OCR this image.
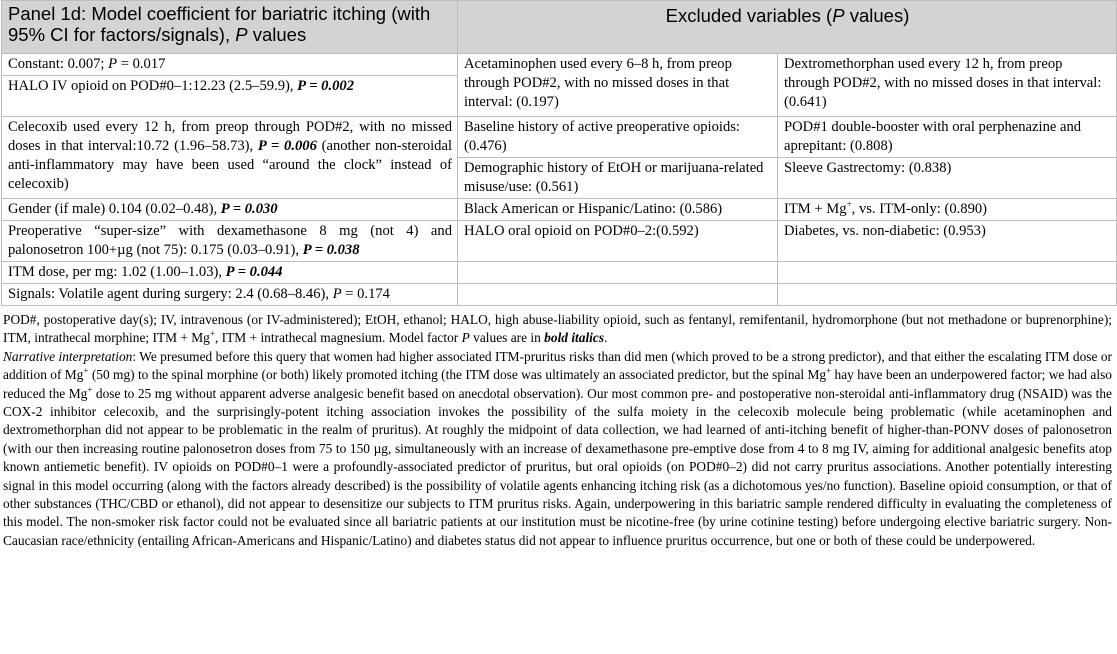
Panel 1d: Model coefficient for bariatric itching (with 95% CI for factors/signals), P values	Excluded variables (P values)	
Constant: 0.007; P = 0.017	Acetaminophen used every 6–8 h, from preop through POD#2, with no missed doses in that interval: (0.197)	Dextromethorphan used every 12 h, from preop through POD#2, with no missed doses in that interval: (0.641)
HALO IV opioid on POD#0–1:12.23 (2.5–59.9), P = 0.002		
Celecoxib used every 12 h, from preop through POD#2, with no missed doses in that interval:10.72 (1.96–58.73), P = 0.006 (another non-steroidal anti-inflammatory may have been used “around the clock” instead of celecoxib)	Baseline history of active preoperative opioids: (0.476)	POD#1 double-booster with oral perphenazine and aprepitant: (0.808)
	Demographic history of EtOH or marijuana-related misuse/use: (0.561)	Sleeve Gastrectomy: (0.838)
Gender (if male) 0.104 (0.02–0.48), P = 0.030	Black American or Hispanic/Latino: (0.586)	ITM + Mg+, vs. ITM-only: (0.890)
Preoperative “super-size” with dexamethasone 8 mg (not 4) and palonosetron 100+µg (not 75): 0.175 (0.03–0.91), P = 0.038	HALO oral opioid on POD#0–2:(0.592)	Diabetes, vs. non-diabetic: (0.953)
ITM dose, per mg: 1.02 (1.00–1.03), P = 0.044		
Signals: Volatile agent during surgery: 2.4 (0.68–8.46), P = 0.174		

POD#, postoperative day(s); IV, intravenous (or IV-administered); EtOH, ethanol; HALO, high abuse-liability opioid, such as fentanyl, remifentanil, hydromorphone (but not methadone or buprenorphine); ITM, intrathecal morphine; ITM + Mg+, ITM + intrathecal magnesium. Model factor P values are in bold italics.

Narrative interpretation: We presumed before this query that women had higher associated ITM-pruritus risks than did men (which proved to be a strong predictor), and that either the escalating ITM dose or addition of Mg+ (50 mg) to the spinal morphine (or both) likely promoted itching (the ITM dose was ultimately an associated predictor, but the spinal Mg+ hay have been an underpowered factor; we had also reduced the Mg+ dose to 25 mg without apparent adverse analgesic benefit based on anecdotal observation). Our most common pre- and postoperative non-steroidal anti-inflammatory drug (NSAID) was the COX-2 inhibitor celecoxib, and the surprisingly-potent itching association invokes the possibility of the sulfa moiety in the celecoxib molecule being problematic (while acetaminophen and dextromethorphan did not appear to be problematic in the realm of pruritus). At roughly the midpoint of data collection, we had learned of anti-itching benefit of higher-than-PONV doses of palonosetron (with our then increasing routine palonosetron doses from 75 to 150 µg, simultaneously with an increase of dexamethasone pre-emptive dose from 4 to 8 mg IV, aiming for additional analgesic benefits atop known antiemetic benefit). IV opioids on POD#0–1 were a profoundly-associated predictor of pruritus, but oral opioids (on POD#0–2) did not carry pruritus associations. Another potentially interesting signal in this model occurring (along with the factors already described) is the possibility of volatile agents enhancing itching risk (as a dichotomous yes/no function). Baseline opioid consumption, or that of other substances (THC/CBD or ethanol), did not appear to desensitize our subjects to ITM pruritus risks. Again, underpowering in this bariatric sample rendered difficulty in evaluating the completeness of this model. The non-smoker risk factor could not be evaluated since all bariatric patients at our institution must be nicotine-free (by urine cotinine testing) before undergoing elective bariatric surgery. Non-Caucasian race/ethnicity (entailing African-Americans and Hispanic/Latino) and diabetes status did not appear to influence pruritus occurrence, but one or both of these could be underpowered.
